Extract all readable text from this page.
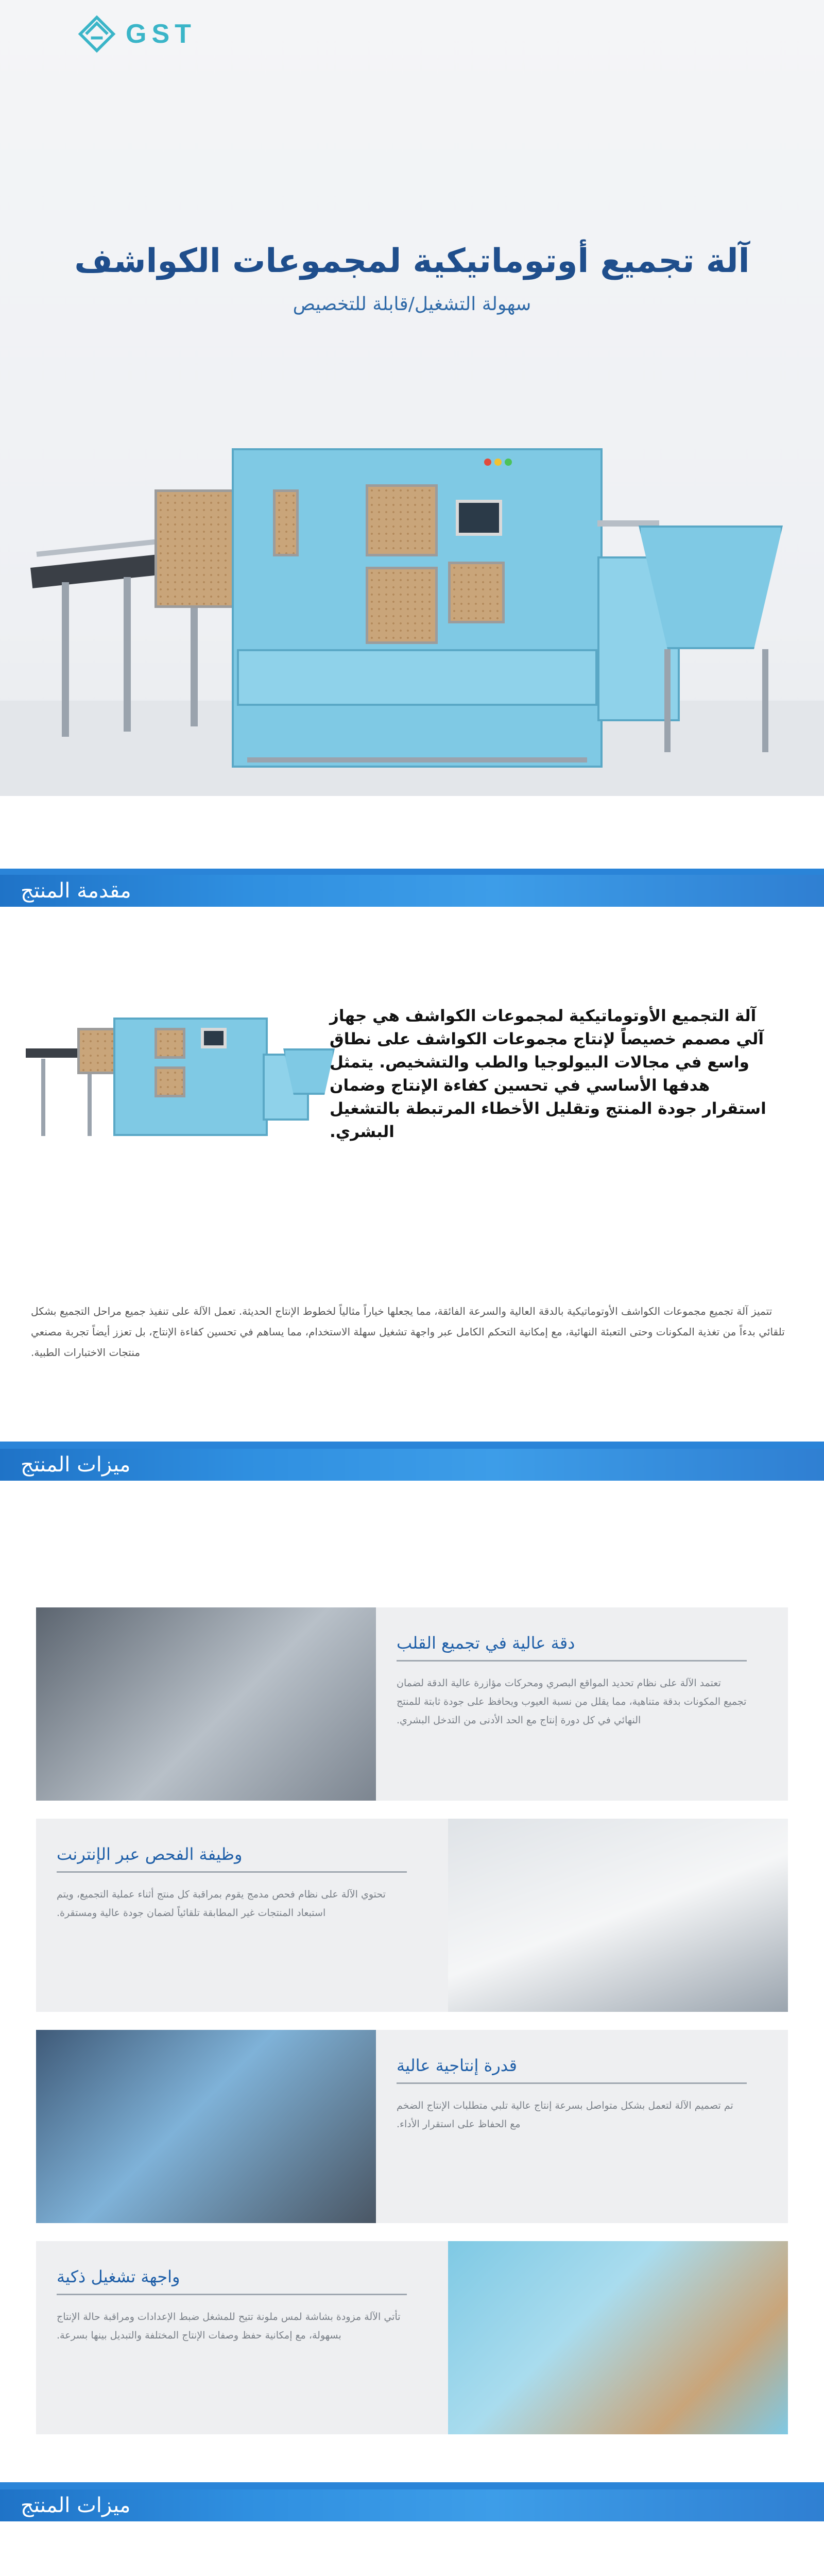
GST
آلة تجميع أوتوماتيكية لمجموعات الكواشف
سهولة التشغيل/قابلة للتخصيص
مقدمة المنتج
آلة التجميع الأوتوماتيكية لمجموعات الكواشف هي جهاز آلي مصمم خصيصاً لإنتاج مجموعات الكواشف على نطاق واسع في مجالات البيولوجيا والطب والتشخيص. يتمثل هدفها الأساسي في تحسين كفاءة الإنتاج وضمان استقرار جودة المنتج وتقليل الأخطاء المرتبطة بالتشغيل البشري.
تتميز آلة تجميع مجموعات الكواشف الأوتوماتيكية بالدقة العالية والسرعة الفائقة، مما يجعلها خياراً مثالياً لخطوط الإنتاج الحديثة. تعمل الآلة على تنفيذ جميع مراحل التجميع بشكل تلقائي بدءاً من تغذية المكونات وحتى التعبئة النهائية، مع إمكانية التحكم الكامل عبر واجهة تشغيل سهلة الاستخدام، مما يساهم في تحسين كفاءة الإنتاج، بل تعزز أيضاً تجربة مصنعي منتجات الاختبارات الطبية.
ميزات المنتج
دقة عالية في تجميع القلب
تعتمد الآلة على نظام تحديد المواقع البصري ومحركات مؤازرة عالية الدقة لضمان تجميع المكونات بدقة متناهية، مما يقلل من نسبة العيوب ويحافظ على جودة ثابتة للمنتج النهائي في كل دورة إنتاج مع الحد الأدنى من التدخل البشري.
وظيفة الفحص عبر الإنترنت
تحتوي الآلة على نظام فحص مدمج يقوم بمراقبة كل منتج أثناء عملية التجميع، ويتم استبعاد المنتجات غير المطابقة تلقائياً لضمان جودة عالية ومستقرة.
قدرة إنتاجية عالية
تم تصميم الآلة لتعمل بشكل متواصل بسرعة إنتاج عالية تلبي متطلبات الإنتاج الضخم مع الحفاظ على استقرار الأداء.
واجهة تشغيل ذكية
تأتي الآلة مزودة بشاشة لمس ملونة تتيح للمشغل ضبط الإعدادات ومراقبة حالة الإنتاج بسهولة، مع إمكانية حفظ وصفات الإنتاج المختلفة والتبديل بينها بسرعة.
ميزات المنتج
